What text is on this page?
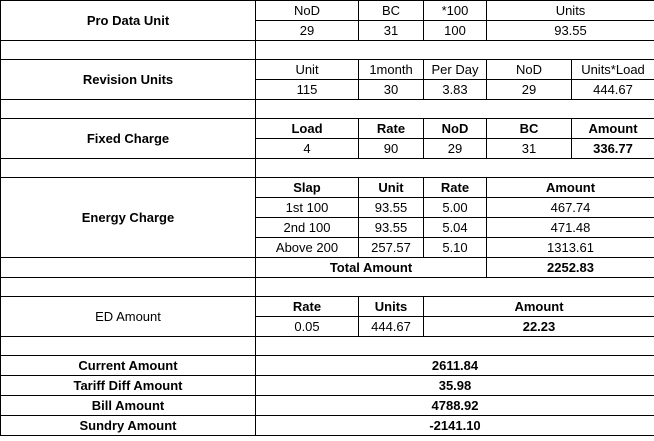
Pro Data Unit	NoD	BC	*100	Units	
	29	31	100	93.55	

Revision Units	Unit	1month	Per Day	NoD	Units*Load
	115	30	3.83	29	444.67

Fixed Charge	Load	Rate	NoD	BC	Amount
	4	90	29	31	336.77

Energy Charge	Slap	Unit	Rate	Amount	
	1st 100	93.55	5.00	467.74	
	2nd 100	93.55	5.04	471.48	
	Above 200	257.57	5.10	1313.61	
	Total Amount			2252.83	

ED Amount	Rate	Units	Amount		
	0.05	444.67	22.23		

Current Amount	2611.84				
Tariff Diff Amount	35.98				
Bill Amount	4788.92				
Sundry Amount	-2141.10				
